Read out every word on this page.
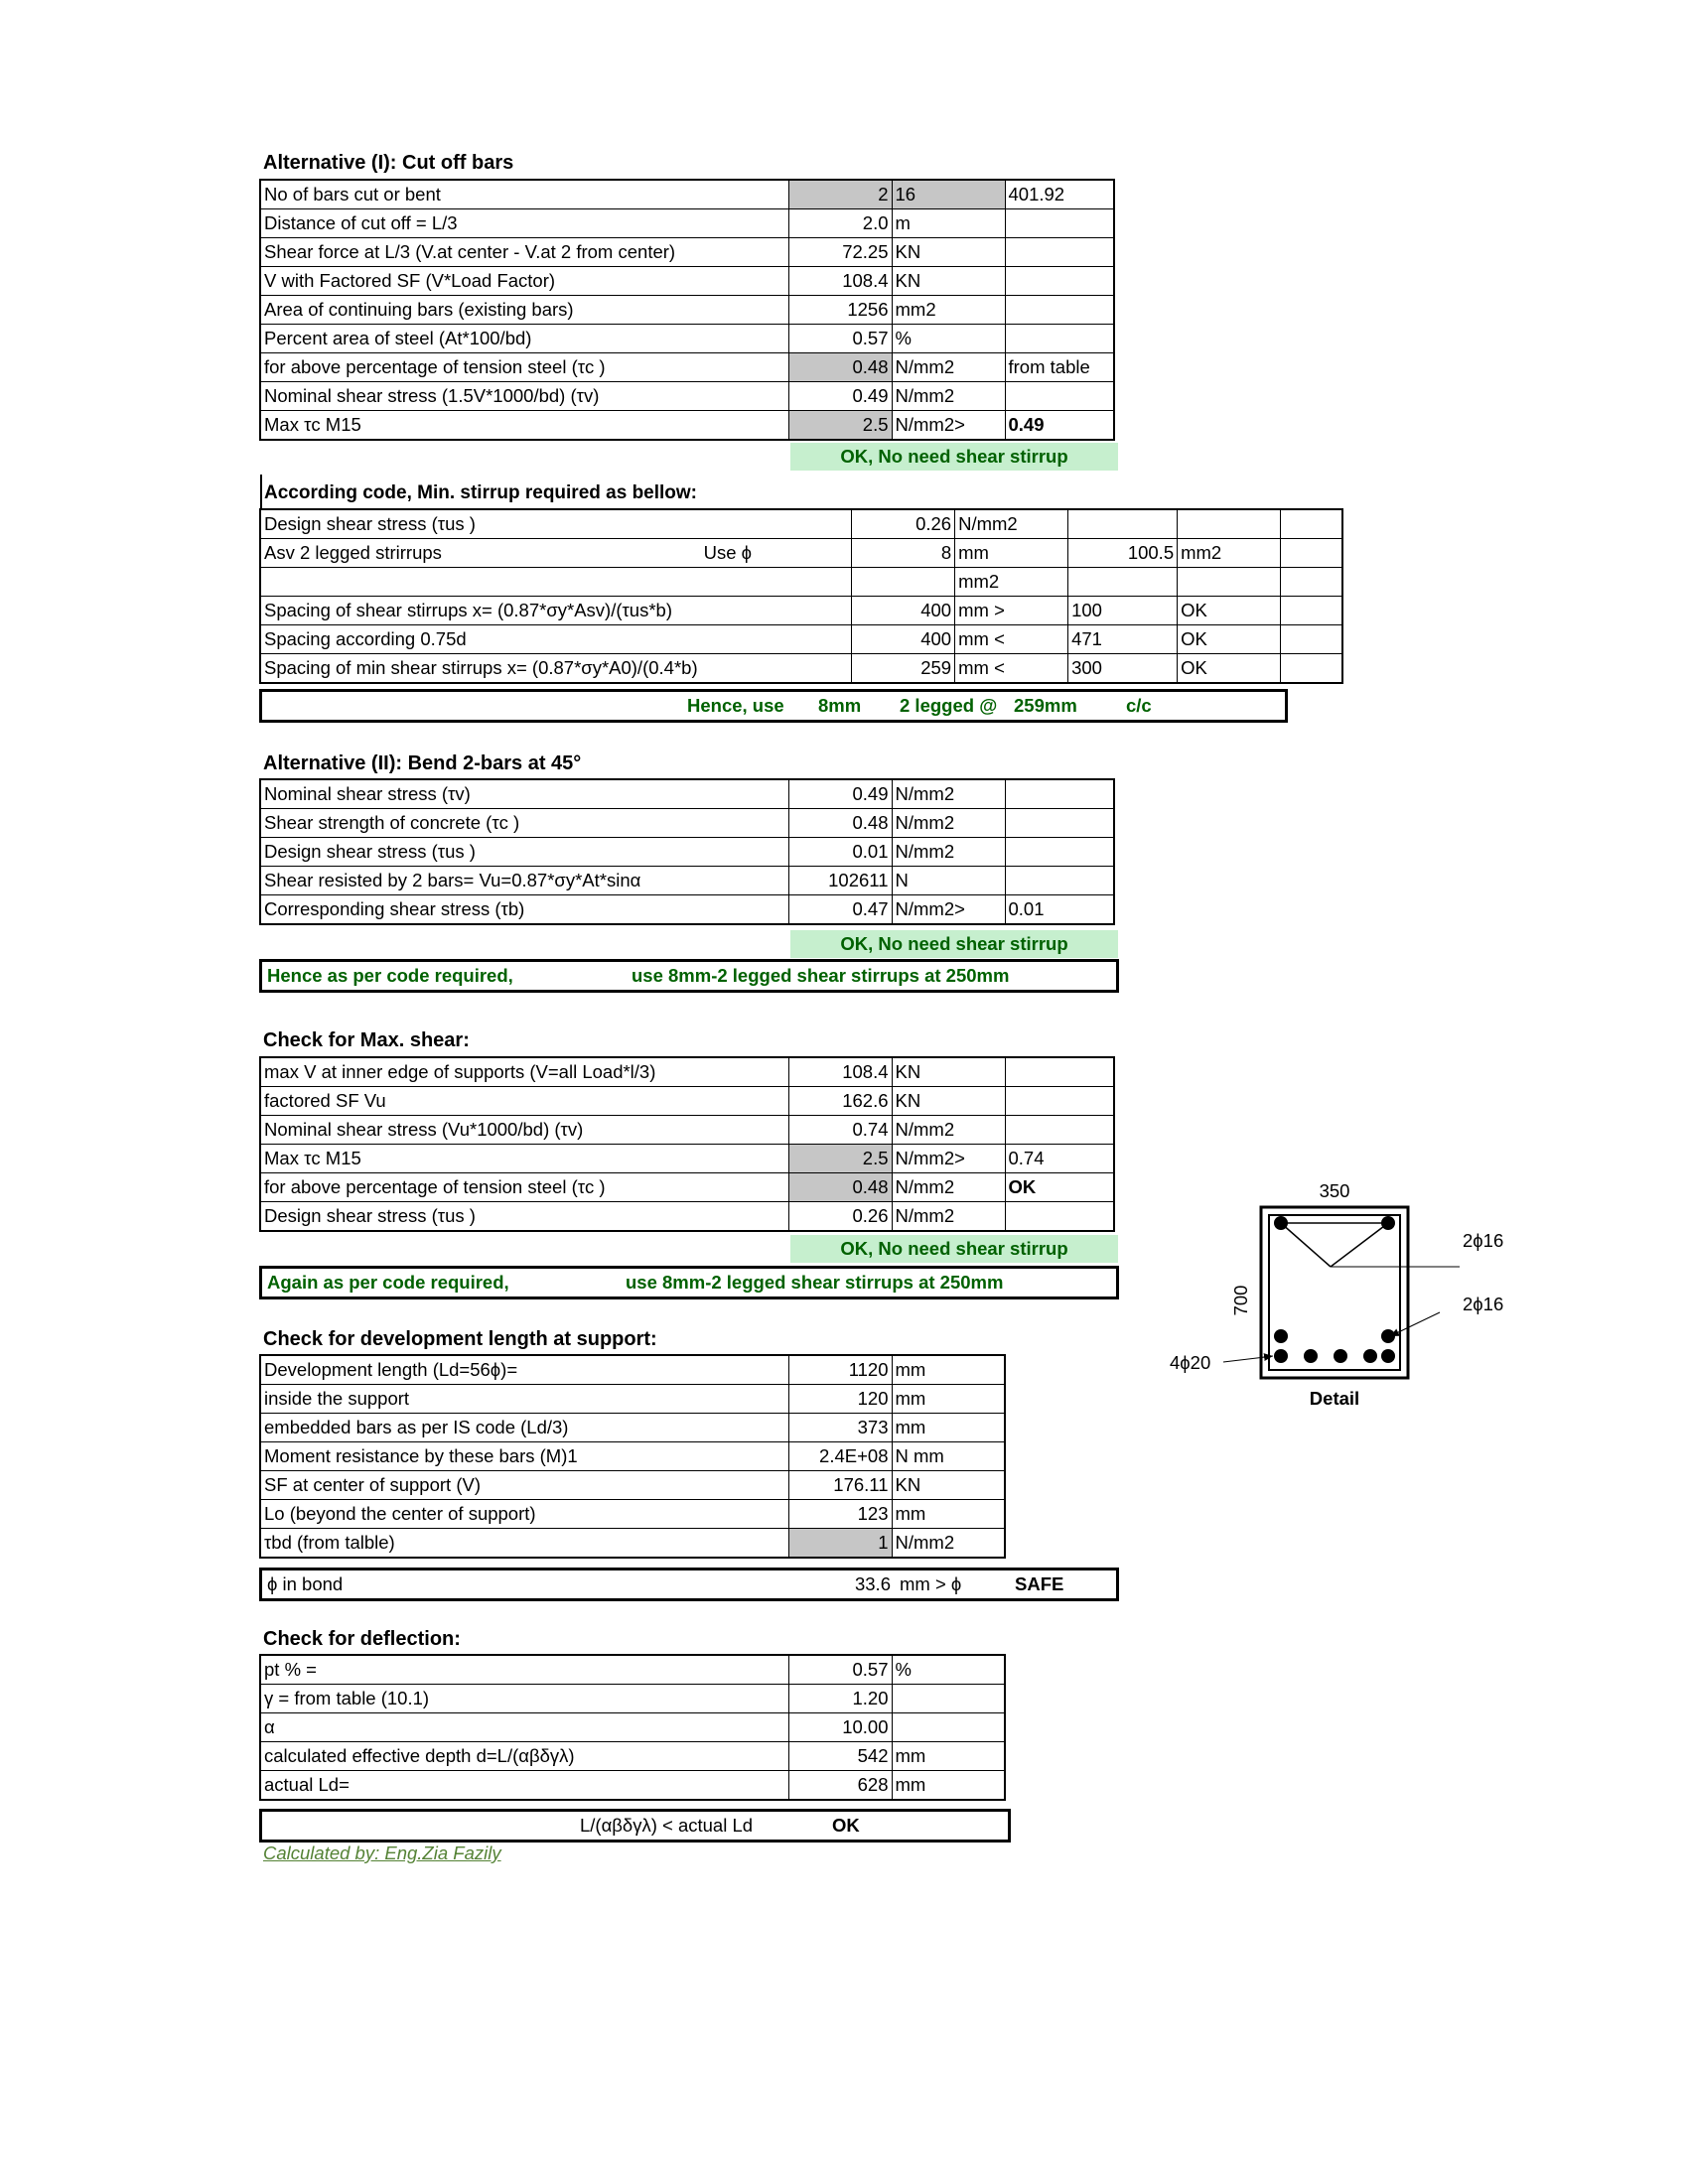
Alternative (I): Cut off bars
No of bars cut or bent	2	16	401.92
Distance of cut off = L/3	2.0	m	
Shear force at L/3 (V.at center - V.at 2 from center)	72.25	KN	
V with Factored SF (V*Load Factor)	108.4	KN	
Area of continuing bars (existing bars)	1256	mm2	
Percent area of steel (At*100/bd)	0.57	%	
for above percentage of tension steel (τc )	0.48	N/mm2	from table
Nominal shear stress (1.5V*1000/bd) (τv)	0.49	N/mm2	
Max τc M15	2.5	N/mm2>	0.49
OK, No need shear stirrup
According code, Min. stirrup required as bellow:
Design shear stress (τus )		0.26	N/mm2			
Asv 2 legged strirrups	Use ϕ	8	mm	100.5	mm2	
			mm2			
Spacing of shear stirrups x= (0.87*σy*Asv)/(τus*b)		400	mm >	100	OK	
Spacing according 0.75d		400	mm <	471	OK	
Spacing of min shear stirrups x= (0.87*σy*A0)/(0.4*b)		259	mm <	300	OK	
Hence, use 8mm 2 legged @ 259mm	c/c
Alternative (II): Bend 2-bars at 45°
Nominal shear stress (τv)	0.49	N/mm2	
Shear strength of concrete (τc )	0.48	N/mm2	
Design shear stress (τus )	0.01	N/mm2	
Shear resisted by 2 bars= Vu=0.87*σy*At*sinα	102611	N	
Corresponding shear stress (τb)	0.47	N/mm2>	0.01
OK, No need shear stirrup
Hence as per code required,	use 8mm-2 legged shear stirrups at 250mm
Check for Max. shear:
max V at inner edge of supports (V=all Load*l/3)	108.4	KN	
factored SF Vu	162.6	KN	
Nominal shear stress (Vu*1000/bd) (τv)	0.74	N/mm2	
Max τc M15	2.5	N/mm2>	0.74
for above percentage of tension steel (τc )	0.48	N/mm2	OK
Design shear stress (τus )	0.26	N/mm2	
OK, No need shear stirrup
Again as per code required,	use 8mm-2 legged shear stirrups at 250mm
Check for development length at support:
Development length (Ld=56ϕ)=	1120	mm
inside the support	120	mm
embedded bars as per IS code (Ld/3)	373	mm
Moment resistance by these bars (M)1	2.4E+08	N mm
SF at center of support (V)	176.11	KN
Lo (beyond the center of support)	123	mm
τbd (from talble)	1	N/mm2
ϕ in bond	33.6 mm > ϕ	SAFE
Check for deflection:
pt % =	0.57	%
γ = from table (10.1)	1.20	
α	10.00	
calculated effective depth d=L/(αβδγλ)	542	mm
actual Ld=	628	mm
L/(αβδγλ) < actual Ld	OK
Calculated by: Eng.Zia Fazily
350
700
2ϕ16
2ϕ16
4ϕ20
Detail
